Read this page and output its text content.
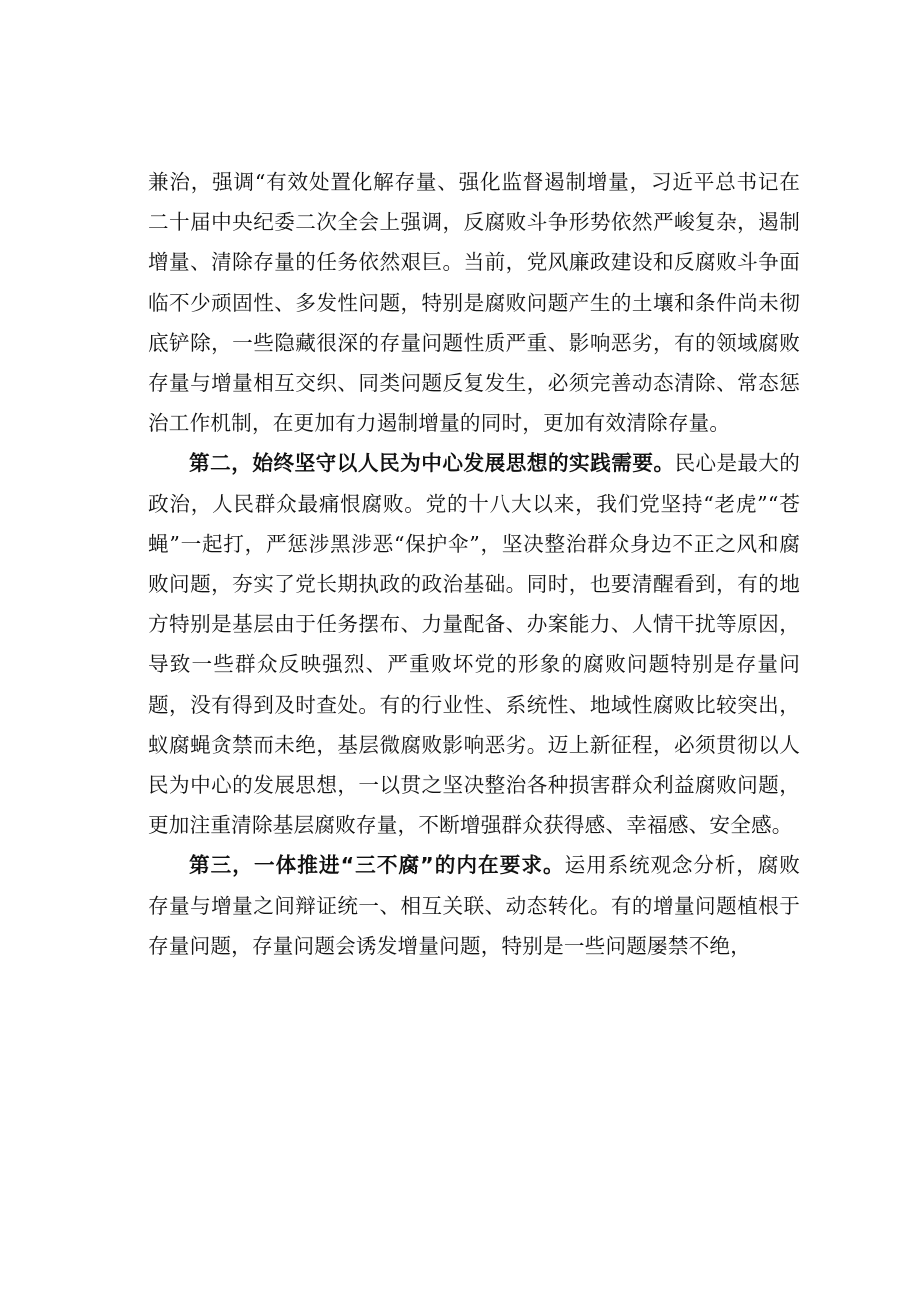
兼治，强调“有效处置化解存量、强化监督遏制增量，习近平总书记在二十届中央纪委二次全会上强调，反腐败斗争形势依然严峻复杂，遏制增量、清除存量的任务依然艰巨。当前，党风廉政建设和反腐败斗争面临不少顽固性、多发性问题，特别是腐败问题产生的土壤和条件尚未彻底铲除，一些隐藏很深的存量问题性质严重、影响恶劣，有的领域腐败存量与增量相互交织、同类问题反复发生，必须完善动态清除、常态惩治工作机制，在更加有力遏制增量的同时，更加有效清除存量。

第二，始终坚守以人民为中心发展思想的实践需要。民心是最大的政治，人民群众最痛恨腐败。党的十八大以来，我们党坚持“老虎”“苍蝇”一起打，严惩涉黑涉恶“保护伞”，坚决整治群众身边不正之风和腐败问题，夯实了党长期执政的政治基础。同时，也要清醒看到，有的地方特别是基层由于任务摆布、力量配备、办案能力、人情干扰等原因，导致一些群众反映强烈、严重败坏党的形象的腐败问题特别是存量问题，没有得到及时查处。有的行业性、系统性、地域性腐败比较突出，蚁腐蝇贪禁而未绝，基层微腐败影响恶劣。迈上新征程，必须贯彻以人民为中心的发展思想，一以贯之坚决整治各种损害群众利益腐败问题，更加注重清除基层腐败存量，不断增强群众获得感、幸福感、安全感。

第三，一体推进“三不腐”的内在要求。运用系统观念分析，腐败存量与增量之间辩证统一、相互关联、动态转化。有的增量问题植根于存量问题，存量问题会诱发增量问题，特别是一些问题屡禁不绝，
